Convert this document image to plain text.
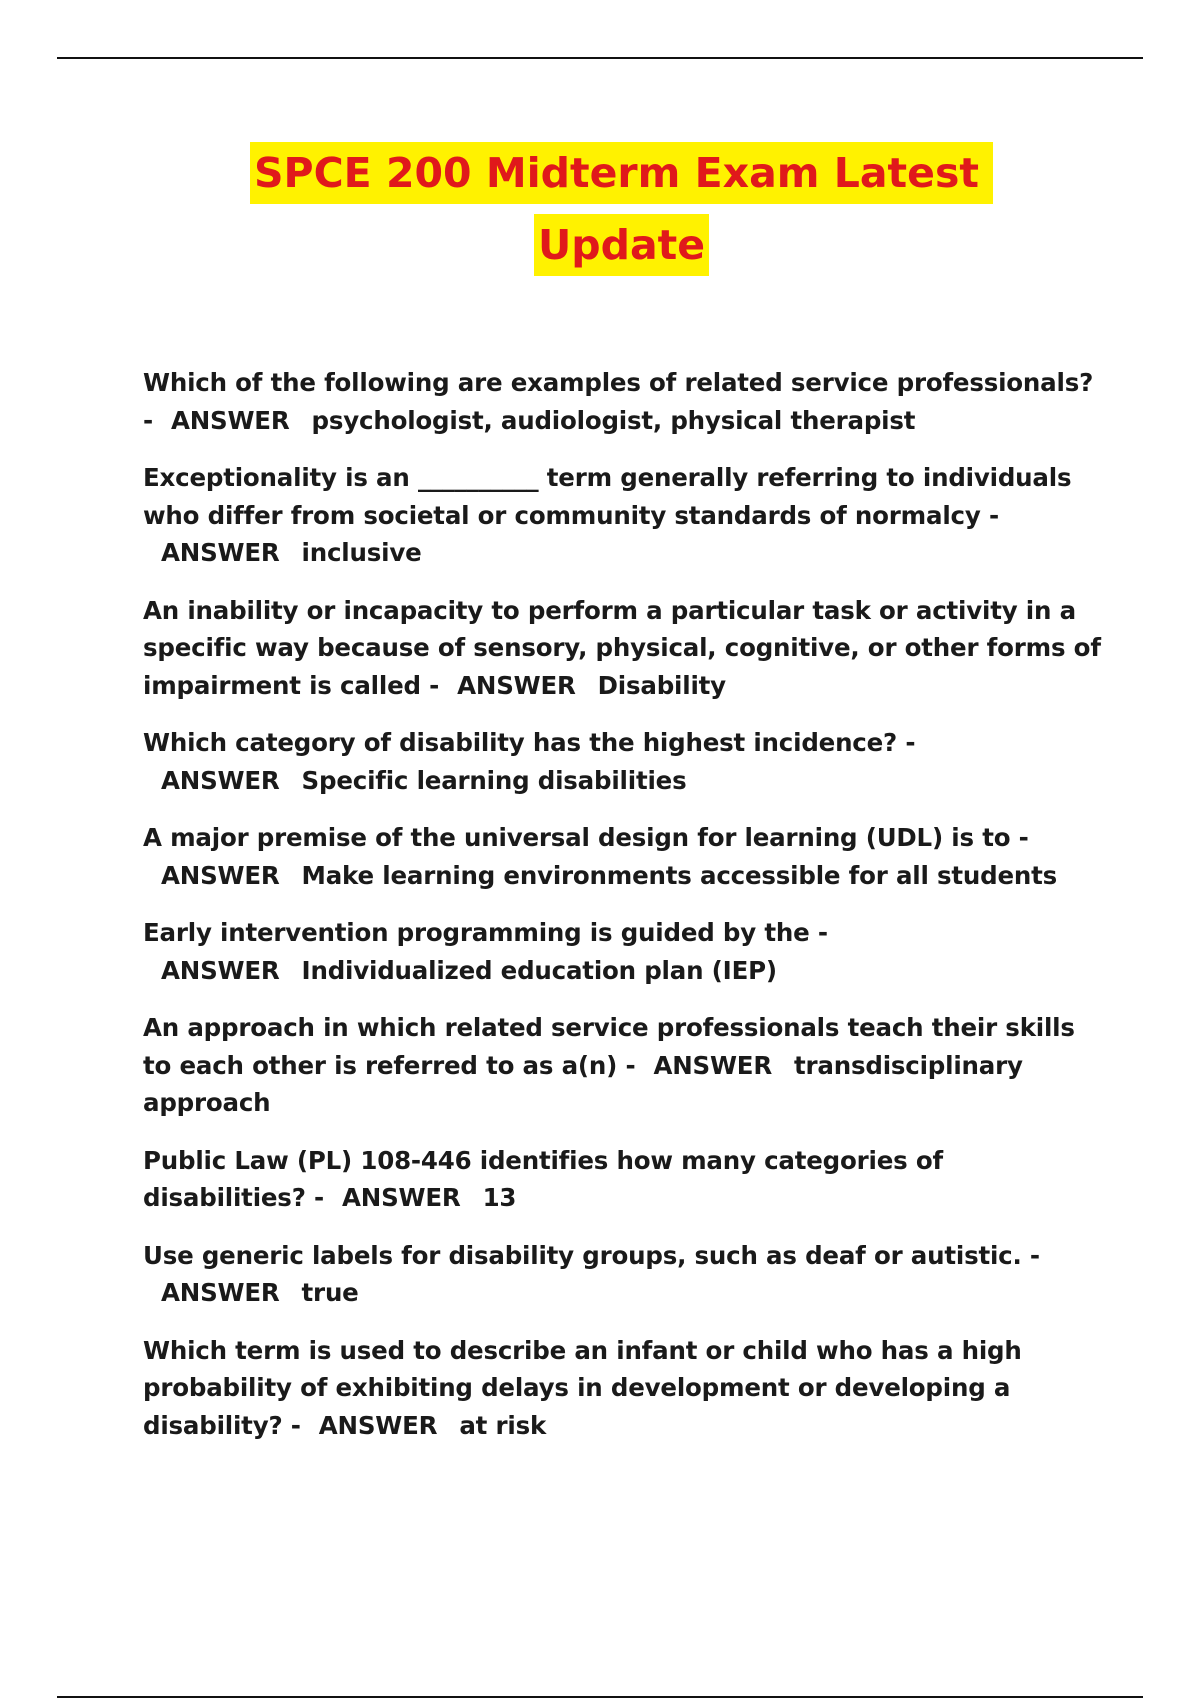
SPCE 200 Midterm Exam Latest
Update

Which of the following are examples of related service professionals? - ANSWER psychologist, audiologist, physical therapist

Exceptionality is an __________ term generally referring to individuals who differ from societal or community standards of normalcy -ANSWER inclusive

An inability or incapacity to perform a particular task or activity in a specific way because of sensory, physical, cognitive, or other forms of impairment is called - ANSWER Disability

Which category of disability has the highest incidence? -ANSWER Specific learning disabilities

A major premise of the universal design for learning (UDL) is to -ANSWER Make learning environments accessible for all students

Early intervention programming is guided by the -ANSWER Individualized education plan (IEP)

An approach in which related service professionals teach their skills to each other is referred to as a(n) - ANSWER transdisciplinary approach

Public Law (PL) 108-446 identifies how many categories of disabilities? - ANSWER 13

Use generic labels for disability groups, such as deaf or autistic. -ANSWER true

Which term is used to describe an infant or child who has a high probability of exhibiting delays in development or developing a disability? - ANSWER at risk
